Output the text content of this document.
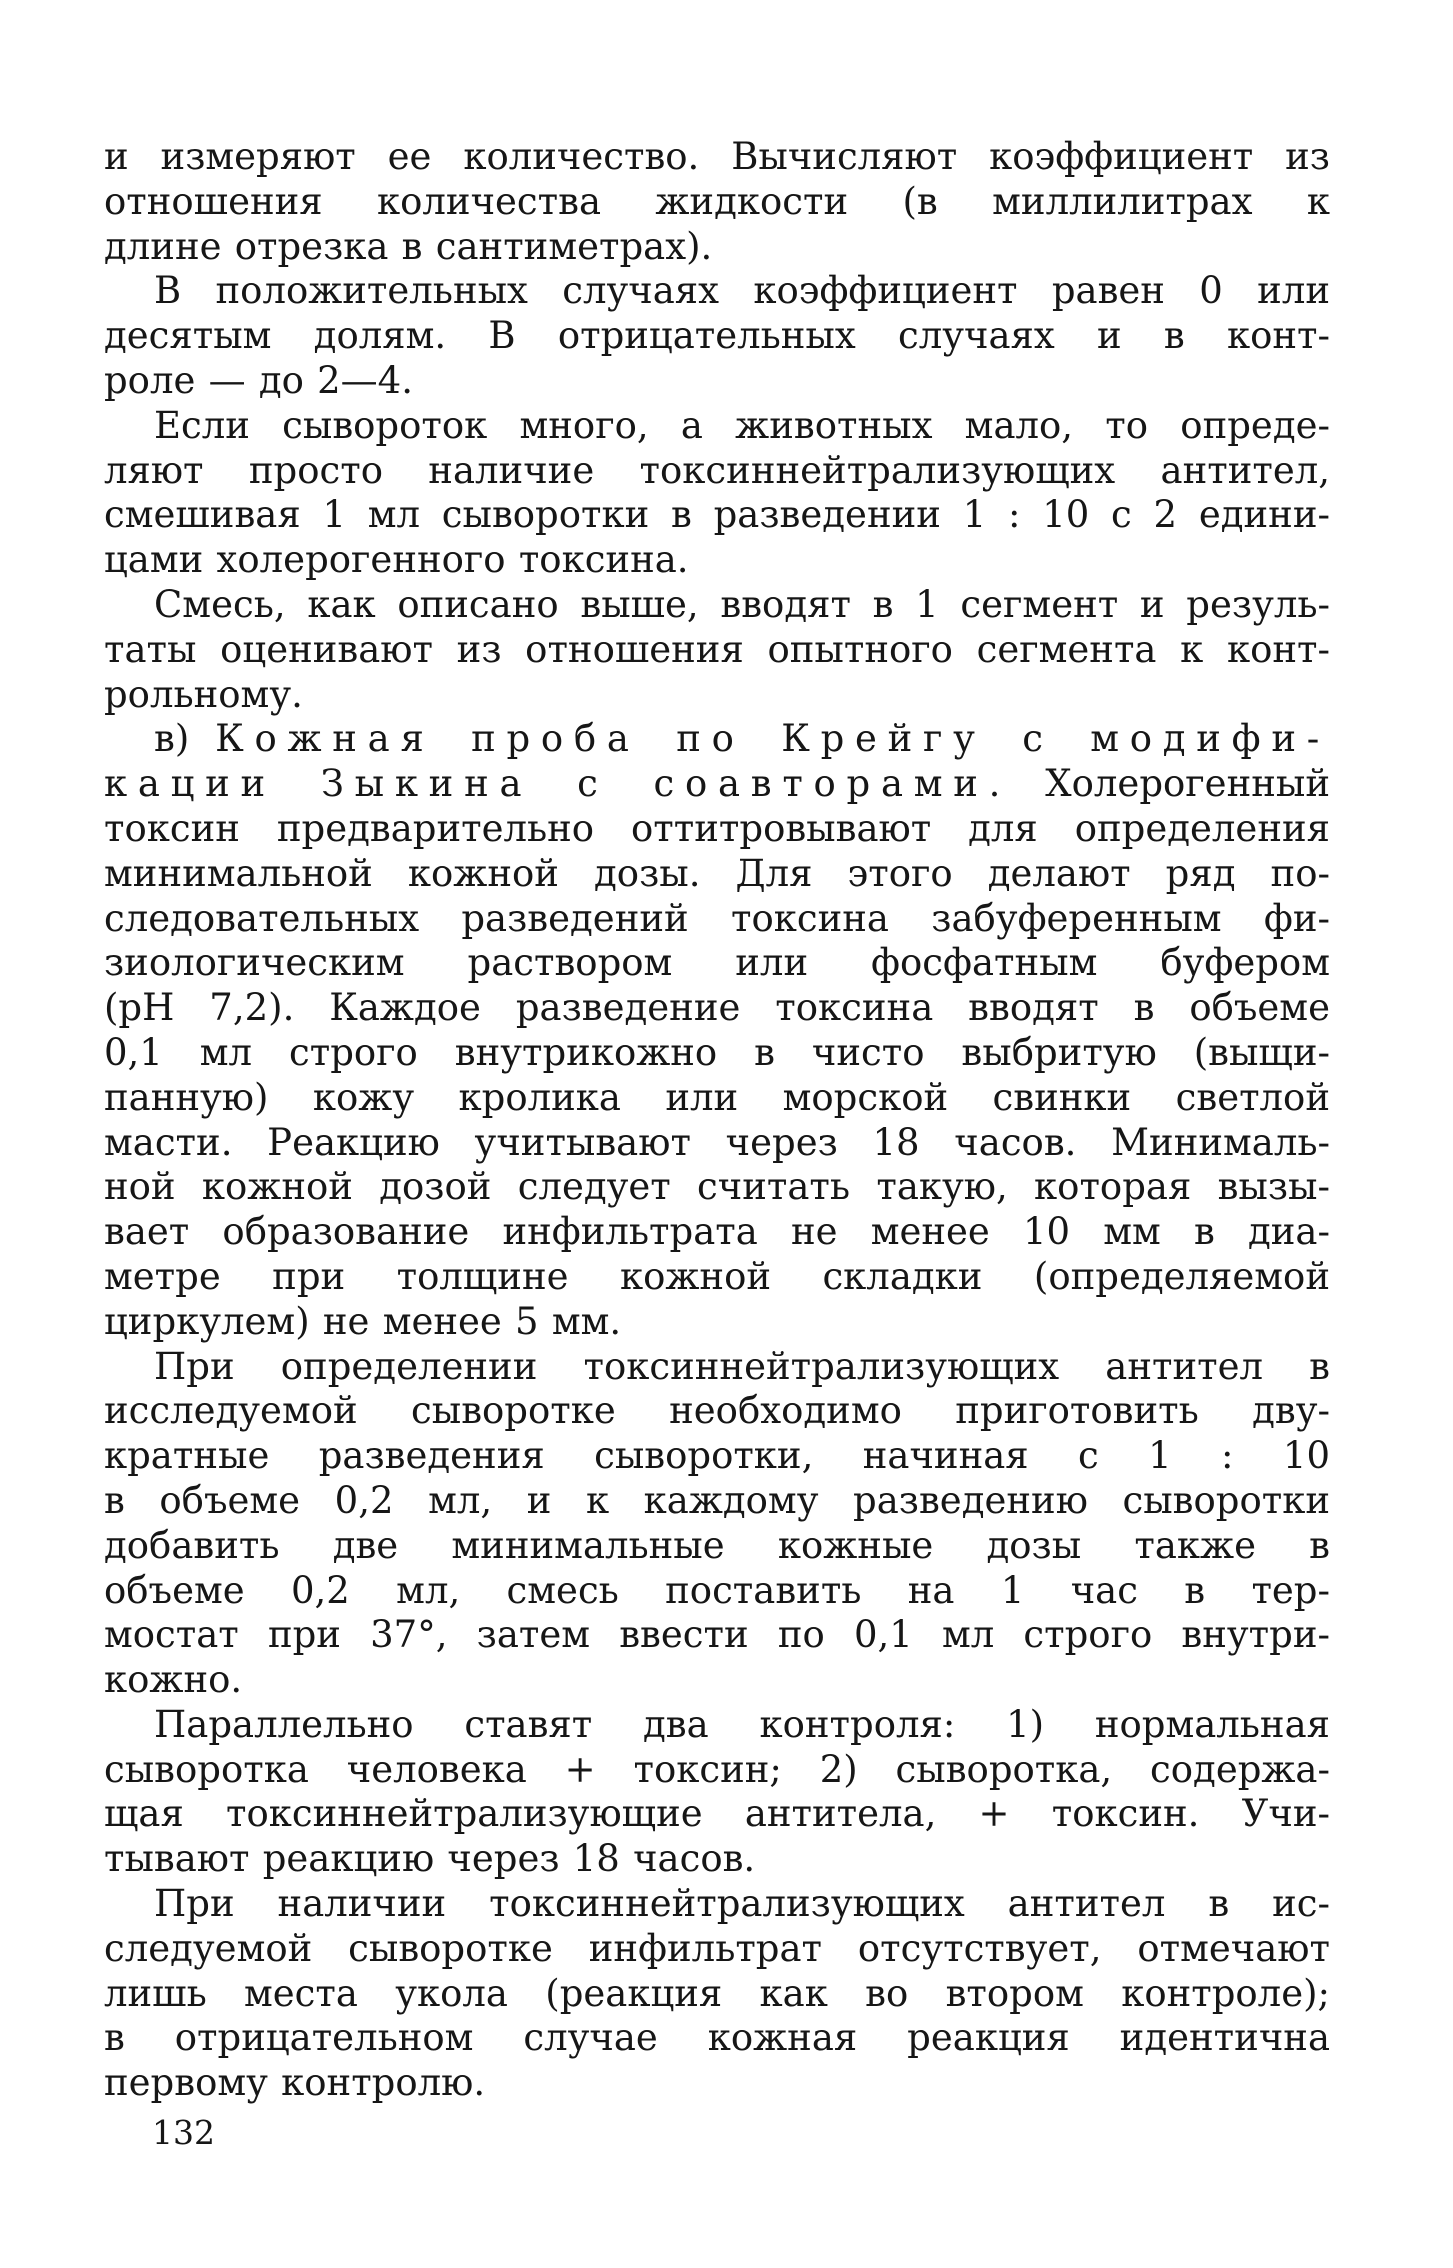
и измеряют ее количество. Вычисляют коэффициент из
отношения количества жидкости (в миллилитрах к
длине отрезка в сантиметрах).
В положительных случаях коэффициент равен 0 или
десятым долям. В отрицательных случаях и в конт-
роле — до 2—4.
Если сывороток много, а животных мало, то опреде-
ляют просто наличие токсиннейтрализующих антител,
смешивая 1 мл сыворотки в разведении 1 : 10 с 2 едини-
цами холерогенного токсина.
Смесь, как описано выше, вводят в 1 сегмент и резуль-
таты оценивают из отношения опытного сегмента к конт-
рольному.
в) Кожная проба по Крейгу с модифи-
кации Зыкина с соавторами. Холерогенный
токсин предварительно оттитровывают для определения
минимальной кожной дозы. Для этого делают ряд по-
следовательных разведений токсина забуференным фи-
зиологическим раствором или фосфатным буфером
(рН 7,2). Каждое разведение токсина вводят в объеме
0,1 мл строго внутрикожно в чисто выбритую (выщи-
панную) кожу кролика или морской свинки светлой
масти. Реакцию учитывают через 18 часов. Минималь-
ной кожной дозой следует считать такую, которая вызы-
вает образование инфильтрата не менее 10 мм в диа-
метре при толщине кожной складки (определяемой
циркулем) не менее 5 мм.
При определении токсиннейтрализующих антител в
исследуемой сыворотке необходимо приготовить дву-
кратные разведения сыворотки, начиная с 1 : 10
в объеме 0,2 мл, и к каждому разведению сыворотки
добавить две минимальные кожные дозы также в
объеме 0,2 мл, смесь поставить на 1 час в тер-
мостат при 37°, затем ввести по 0,1 мл строго внутри-
кожно.
Параллельно ставят два контроля: 1) нормальная
сыворотка человека + токсин; 2) сыворотка, содержа-
щая токсиннейтрализующие антитела, + токсин. Учи-
тывают реакцию через 18 часов.
При наличии токсиннейтрализующих антител в ис-
следуемой сыворотке инфильтрат отсутствует, отмечают
лишь места укола (реакция как во втором контроле);
в отрицательном случае кожная реакция идентична
первому контролю.
132
